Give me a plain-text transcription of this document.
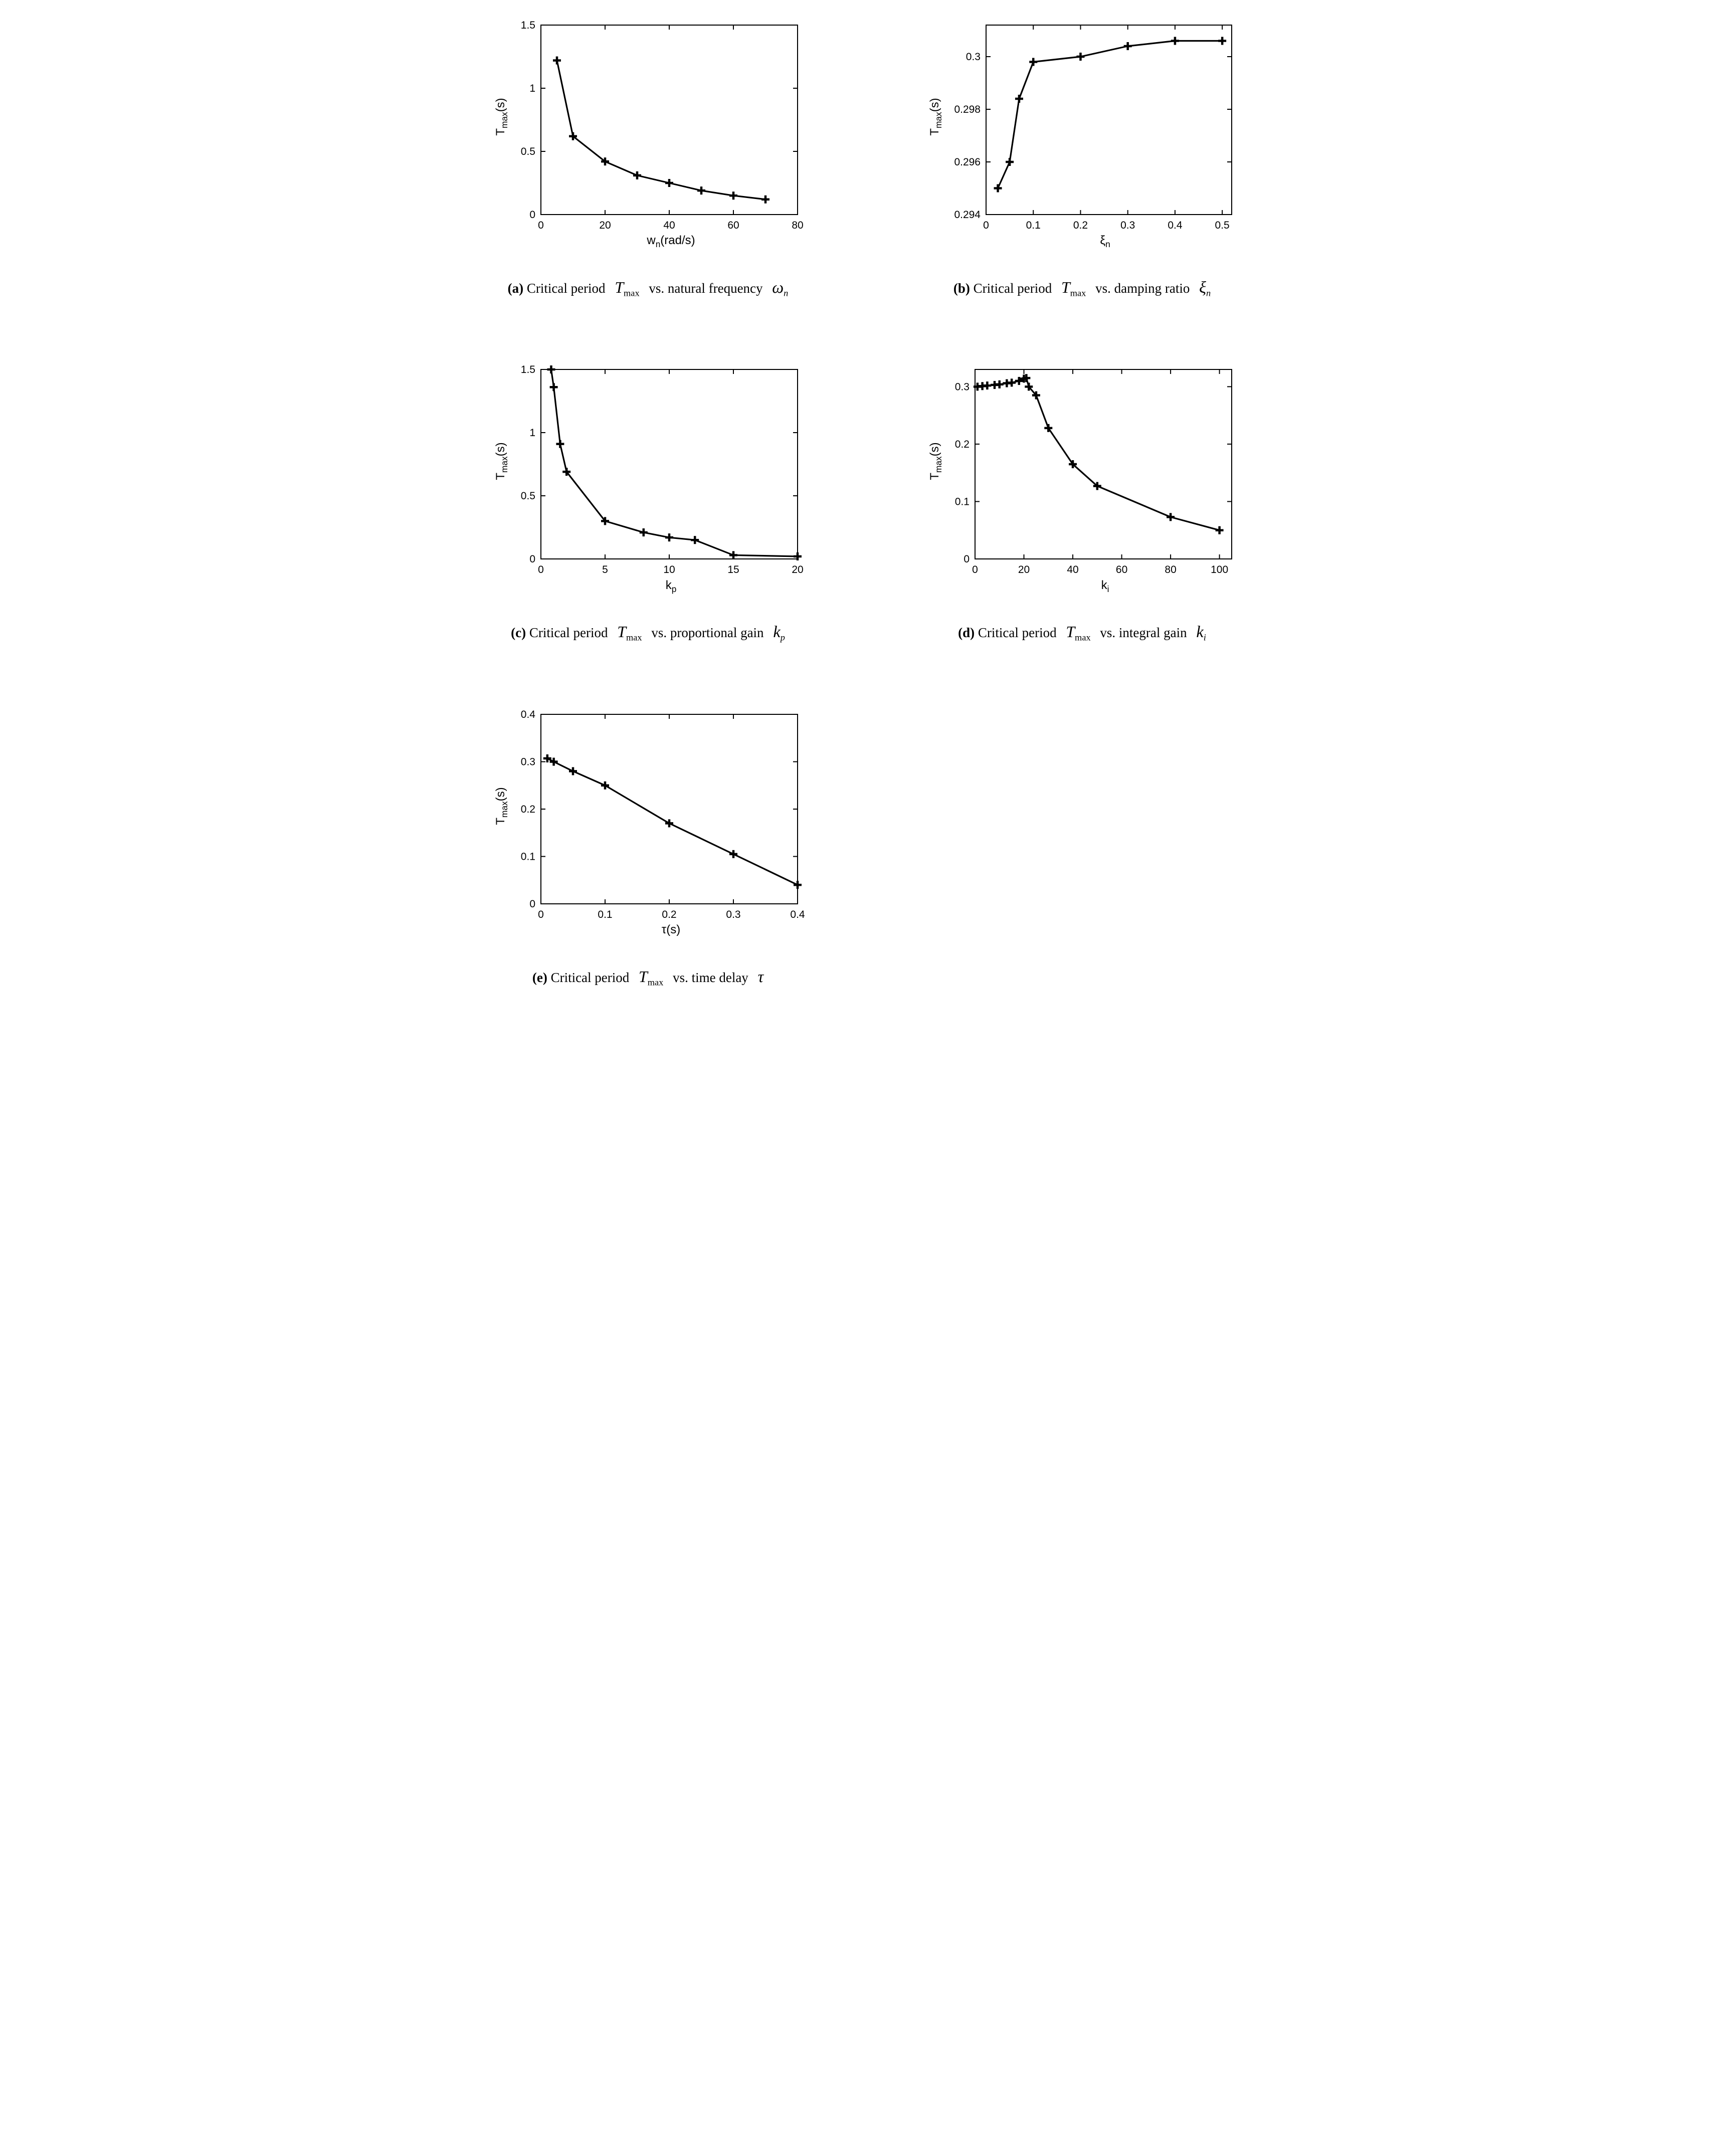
0	20	40	60	80
0
0.5
1
1.5
$T_{max}(s)$
$w_n(rad/s)$
(a) Critical period $T_{max}$ vs. natural frequency $\omega_n$
0	0.1	0.2	0.3	0.4	0.5
0.294
0.296
0.298
0.3
$T_{max}(s)$
$\xi_n$
(b) Critical period $T_{max}$ vs. damping ratio $\xi_n$
0	5	10	15	20
0
0.5
1
1.5
$T_{max}(s)$
$k_p$
(c) Critical period $T_{max}$ vs. proportional gain $k_p$
0	20	40	60	80	100
0
0.1
0.2
0.3
$T_{max}(s)$
$k_i$
(d) Critical period $T_{max}$ vs. integral gain $k_i$
0	0.1	0.2	0.3	0.4
0
0.1
0.2
0.3
0.4
$T_{max}(s)$
τ(s)
(e) Critical period $T_{max}$ vs. time delay τ
